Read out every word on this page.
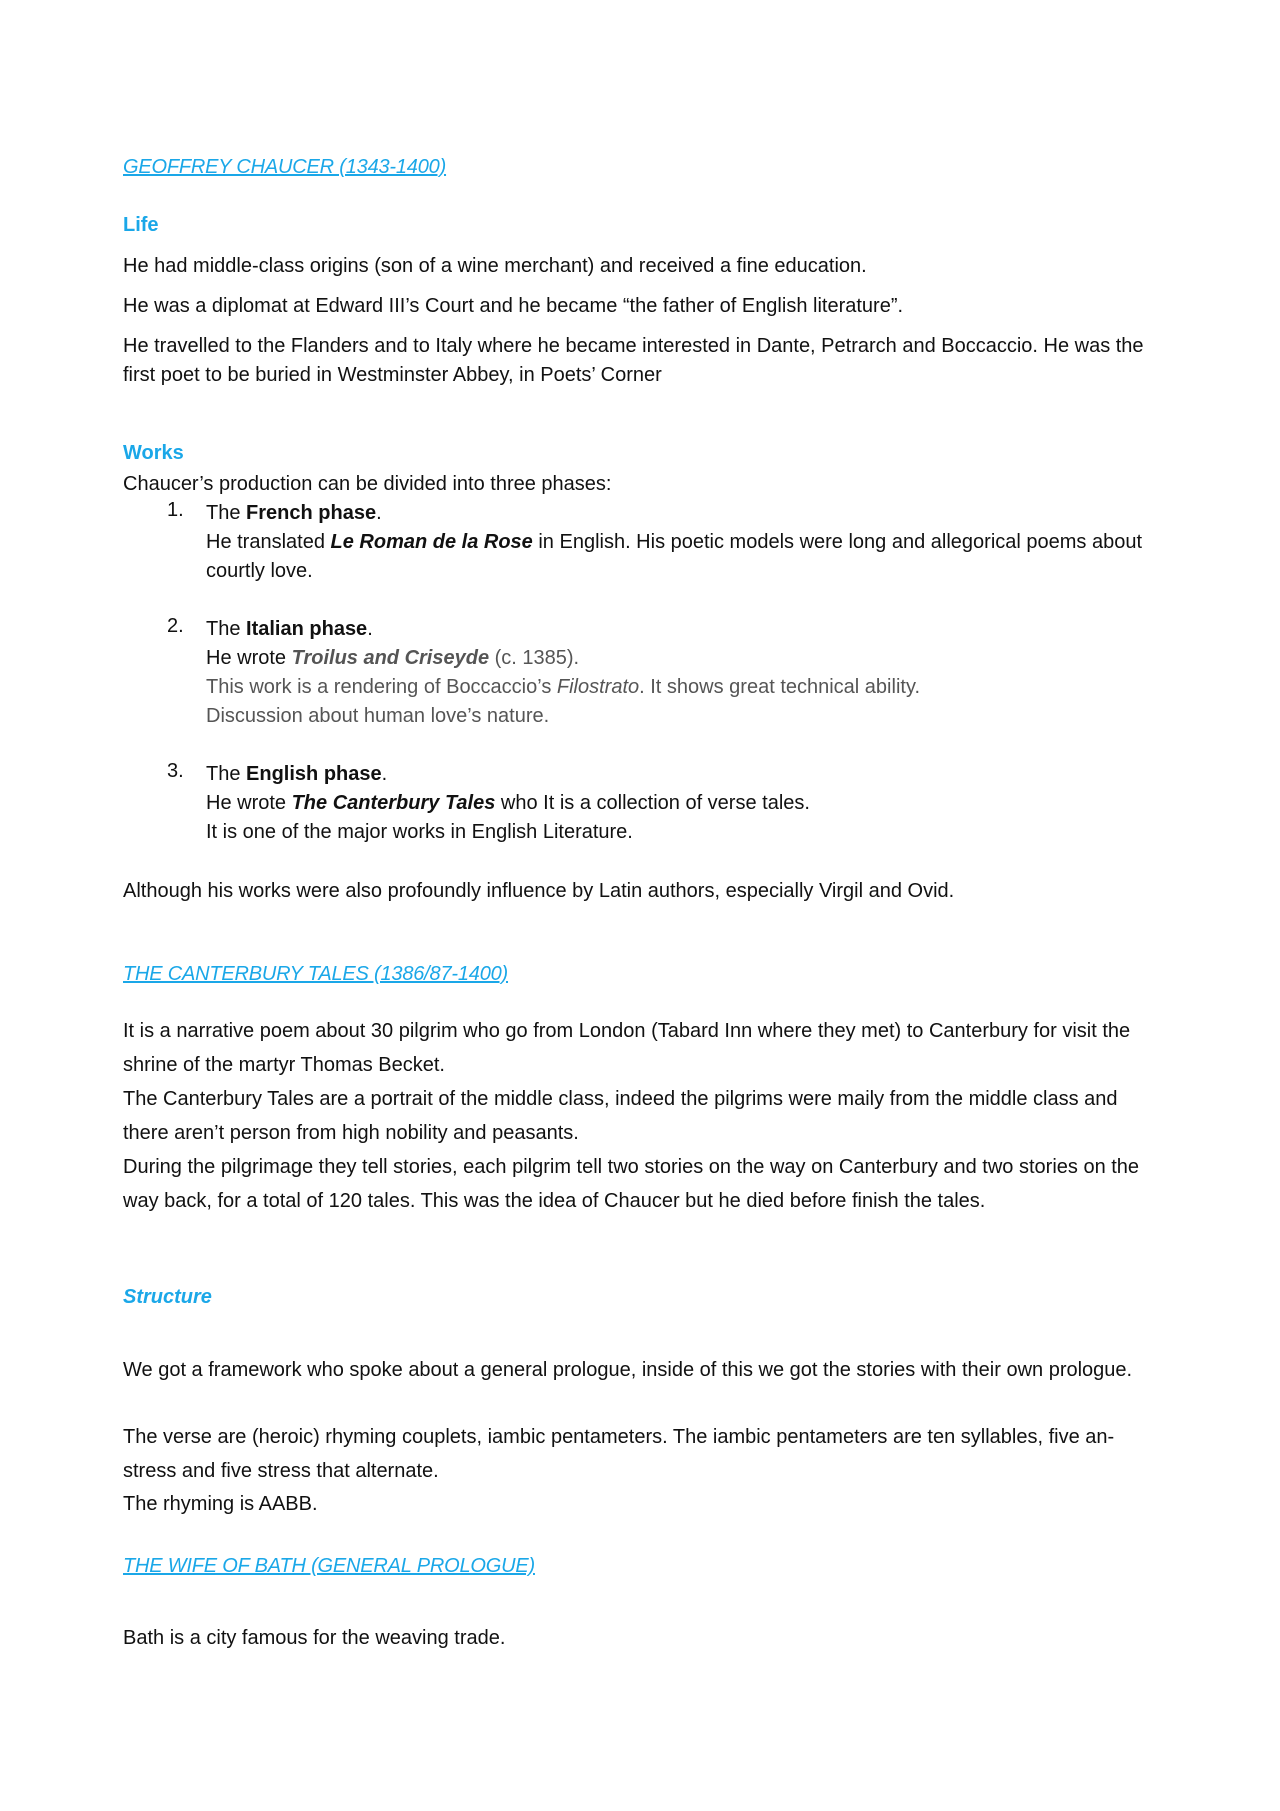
GEOFFREY CHAUCER (1343-1400)
Life
He had middle-class origins (son of a wine merchant) and received a fine education.
He was a diplomat at Edward III’s Court and he became “the father of English literature”.
He travelled to the Flanders and to Italy where he became interested in Dante, Petrarch and Boccaccio. He was the first poet to be buried in Westminster Abbey, in Poets’ Corner
Works
Chaucer’s production can be divided into three phases:
1. The French phase.
He translated Le Roman de la Rose in English. His poetic models were long and allegorical poems about courtly love.
2. The Italian phase.
He wrote Troilus and Criseyde (c. 1385).
This work is a rendering of Boccaccio’s Filostrato. It shows great technical ability.
Discussion about human love’s nature.
3. The English phase.
He wrote The Canterbury Tales who It is a collection of verse tales.
It is one of the major works in English Literature.
Although his works were also profoundly influence by Latin authors, especially Virgil and Ovid.
THE CANTERBURY TALES (1386/87-1400)
It is a narrative poem about 30 pilgrim who go from London (Tabard Inn where they met) to Canterbury for visit the shrine of the martyr Thomas Becket.
The Canterbury Tales are a portrait of the middle class, indeed the pilgrims were maily from the middle class and there aren’t person from high nobility and peasants.
During the pilgrimage they tell stories, each pilgrim tell two stories on the way on Canterbury and two stories on the way back, for a total of 120 tales. This was the idea of Chaucer but he died before finish the tales.
Structure
We got a framework who spoke about a general prologue, inside of this we got the stories with their own prologue.
The verse are (heroic) rhyming couplets, iambic pentameters. The iambic pentameters are ten syllables, five an-stress and five stress that alternate.
The rhyming is AABB.
THE WIFE OF BATH (GENERAL PROLOGUE)
Bath is a city famous for the weaving trade.
